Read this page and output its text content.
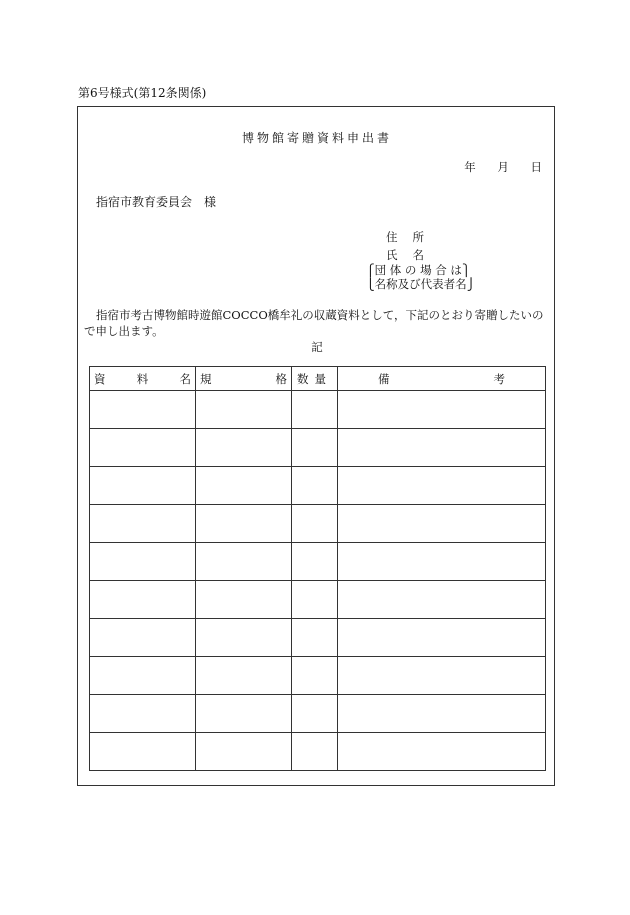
第6号様式(第12条関係)
博物館寄贈資料申出書
年 月 日
指宿市教育委員会　様
住所
氏名
⎧団 体 の 場 合 は⎫
⎩名称及び代表者名⎭
指宿市考古博物館時遊館COCCO橋牟礼の収蔵資料として，下記のとおり寄贈したいので申し出ます。
記
資料名	規格	数量	備考
